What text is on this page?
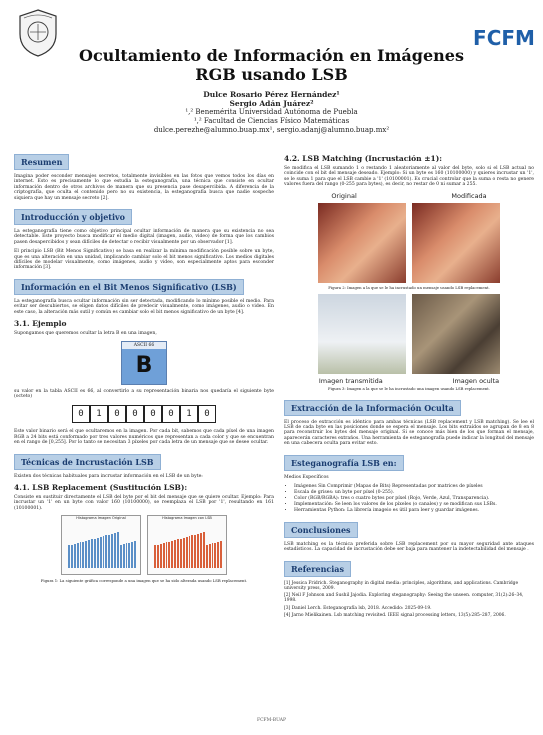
FCFM
Ocultamiento de Información en Imágenes RGB usando LSB
Dulce Rosario Pérez Hernández¹
Sergio Adán Juárez²
¹,² Benemérita Universidad Autónoma de Puebla
¹,² Facultad de Ciencias Físico Matemáticas
dulce.perezhe@alumno.buap.mx¹, sergio.adanj@alumno.buap.mx²
Resumen

Imagina poder esconder mensajes secretos, totalmente invisibles en las fotos que vemos todos los días en internet. Esto es precisamente lo que estudia la esteganografía, una técnica que consiste en ocultar información dentro de otros archivos de manera que su presencia pase desapercibida. A diferencia de la criptografía, que oculta el contenido pero no su existencia, la esteganografía busca que nadie sospeche siquiera que hay un mensaje secreto [2].

Introducción y objetivo

La esteganografía tiene como objetivo principal ocultar información de manera que su existencia no sea detectable. Este proyecto busca modificar el medio digital (imagen, audio, video) de forma que los cambios pasen desapercibidos y sean difíciles de detectar o recibir visualmente por un observador [1].

El principio LSB (Bit Menos Significativo) se basa en realizar la mínima modificación posible sobre un byte, que es una alteración en una unidad, implicando cambiar solo el bit menos significativo. Los medios digitales difíciles de modelar visualmente, como imágenes, audio y video, son especialmente aptos para esconder información [3].

Información en el Bit Menos Significativo (LSB)

La esteganografía busca ocultar información sin ser detectada, modificando lo mínimo posible el medio. Para evitar ser descubiertos, se eligen datos difíciles de predecir visualmente, como imágenes, audio o video. En este caso, la alteración más sutil y común es cambiar solo el bit menos significativo de un byte [4].

3.1. Ejemplo

Supongamos que queremos ocultar la letra B en una imagen,

ASCII 66
B

su valor en la tabla ASCII es 66, al convertirlo a su representación binaria nos quedaría el siguiente byte (octeto)

0	1	0	0	0	0	1	0

Este valor binario será el que ocultaremos en la imagen. Por cada bit, sabemos que cada píxel de una imagen RGB a 24 bits está conformado por tres valores numéricos que representan a cada color y que se encuentran en el rango de [0,255]. Por lo tanto se necesitan 3 píxeles por cada letra de un mensaje que se desee ocultar.

Técnicas de Incrustación LSB

Existen dos técnicas habituales para incrustar información en el LSB de un byte:

4.1. LSB Replacement (Sustitución LSB):

Consiste en sustituir directamente el LSB del byte por el bit del mensaje que se quiere ocultar. Ejemplo: Para incrustar un '1' en un byte con valor 160 (10100000), se reemplaza el LSB por '1', resultando en 161 (10100001).

Histograma Imagen Original	Histograma Imagen con LSB
Figura 1: La siguiente gráfica corresponde a una imagen que se ha sido alterada usando LSB replacement.
4.2. LSB Matching (Incrustación ±1):

Se modifica el LSB sumando 1 o restando 1 aleatoriamente al valor del byte, solo si el LSB actual no coincide con el bit del mensaje deseado. Ejemplo: Si un byte es 160 (10100000) y quieres incrustar un '1', se le suma 1 para que el LSB cambie a '1' (10100001). Es crucial controlar que la suma o resta no genere valores fuera del rango (0-255 para bytes), es decir, no restar de 0 ni sumar a 255.

Original	Modificada
Figura 2: Imagen a la que se le ha incrustado un mensaje usando LSB replacement.
Imagen transmitida	Imagen oculta
Figura 3: Imagen a la que se le ha incrustado una imagen usando LSB replacement.
Extracción de la Información Oculta

El proceso de extracción es idéntico para ambas técnicas (LSB replacement y LSB matching). Se lee el LSB de cada byte en las posiciones donde se espera el mensaje. Los bits extraídos se agrupan de 8 en 8 para reconstruir los bytes del mensaje original. Si se conoce más bien de los que forman el mensaje, aparecerán caracteres extraños. Una herramienta de esteganografía puede indicar la longitud del mensaje en una cabecera oculta para evitar esto.

Esteganografía LSB en:

Medios Específicos

• Imágenes Sin Comprimir (Mapas de Bits) Representadas por matrices de píxeles
• Escala de grises: un byte por píxel (0-255).
• Color (RGB/RGBA): tres o cuatro bytes por píxel (Rojo, Verde, Azul, Transparencia).
• Implementación: Se leen los valores de los píxeles (o canales) y se modifican sus LSBs.
• Herramientas Python: La librería imageio es útil para leer y guardar imágenes.
Conclusiones

LSB matching es la técnica preferida sobre LSB replacement por su mayor seguridad ante ataques estadísticos. La capacidad de incrustación debe ser baja para mantener la indetectabilidad del mensaje .

Referencias
[1] Jessica Fridrich. Steganography in digital media: principles, algorithms, and applications. Cambridge university press, 2009.
[2] Neil F Johnson and Sushil Jajodia. Exploring steganography: Seeing the unseen. computer, 31(2):26–34, 1998.
[3] Daniel Lerch. Esteganografía lsb, 2018. Accedido: 2025-09-19.
[4] Jarno Mielikainen. Lsb matching revisited. IEEE signal processing letters, 13(5):285–287, 2006.
FCFM-BUAP
